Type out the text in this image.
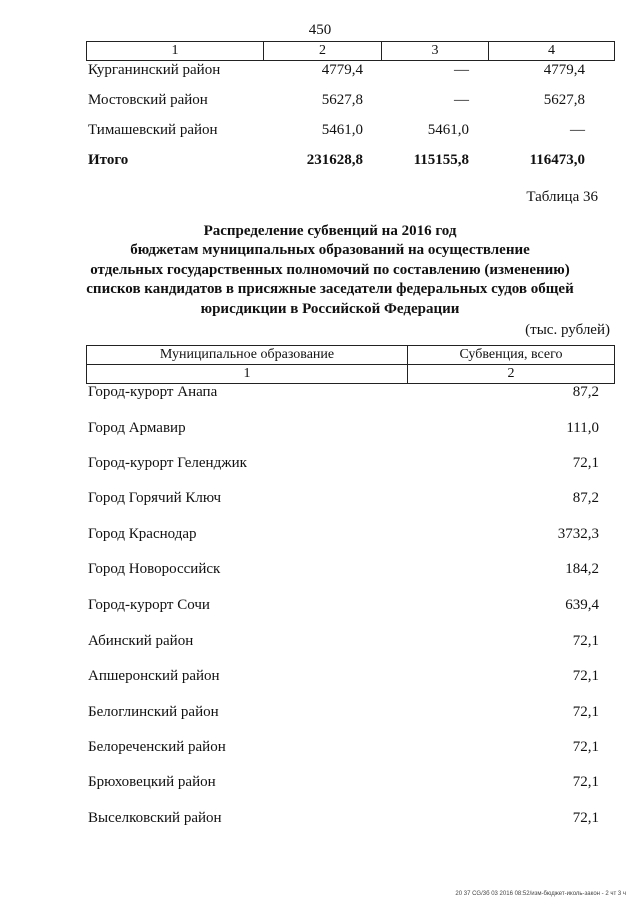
450
1	2	3	4
Курганинский район	4779,4	—	4779,4
Мостовский район	5627,8	—	5627,8
Тимашевский район	5461,0	5461,0	—
Итого	231628,8	115155,8	116473,0
Таблица 36
Распределение субвенций на 2016 год
бюджетам муниципальных образований на осуществление
отдельных государственных полномочий по составлению (изменению)
списков кандидатов в присяжные заседатели федеральных судов общей
юрисдикции в Российской Федерации
(тыс. рублей)
Муниципальное образование	Субвенция, всего
1	2
Город-курорт Анапа	87,2
Город Армавир	111,0
Город-курорт Геленджик	72,1
Город Горячий Ключ	87,2
Город Краснодар	3732,3
Город Новороссийск	184,2
Город-курорт Сочи	639,4
Абинский район	72,1
Апшеронский район	72,1
Белоглинский район	72,1
Белореченский район	72,1
Брюховецкий район	72,1
Выселковский район	72,1
20 37 CG/3б 03 2016 08:52/изм-бюджет-иколь-закон - 2 чт 3 ч
